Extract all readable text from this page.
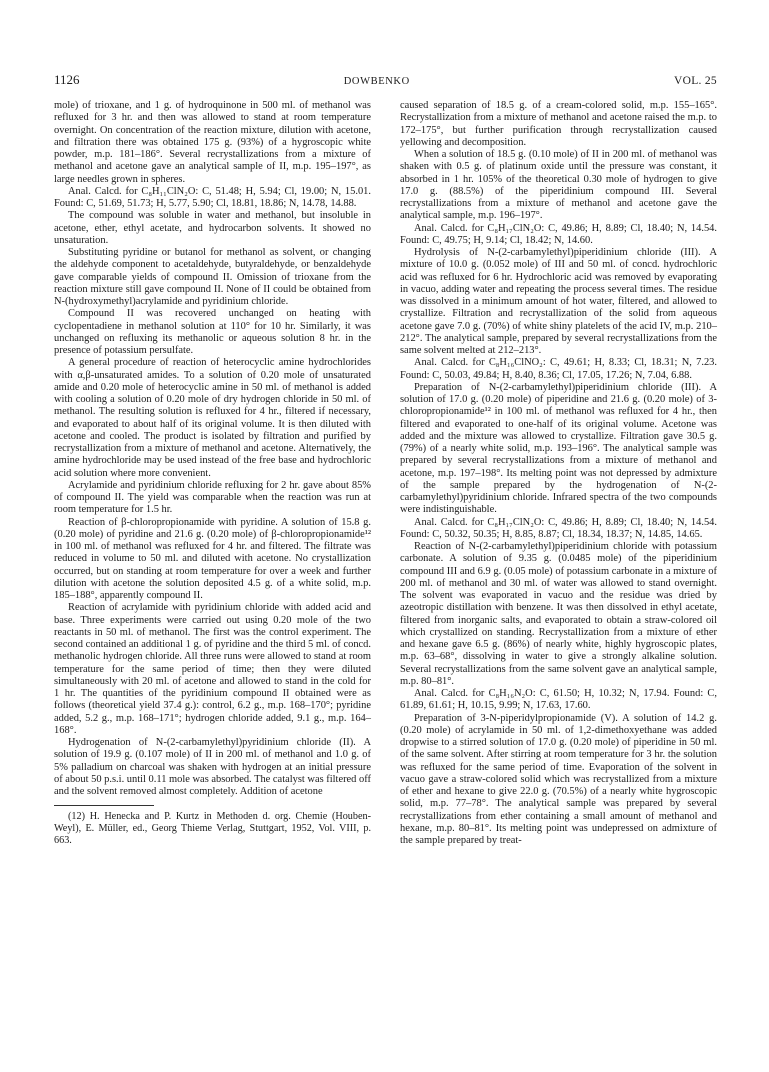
1126	DOWBENKO	VOL. 25

mole) of trioxane, and 1 g. of hydroquinone in 500 ml. of methanol was refluxed for 3 hr. and then was allowed to stand at room temperature overnight. On concentration of the reaction mixture, dilution with acetone, and filtration there was obtained 175 g. (93%) of a hygroscopic white powder, m.p. 181–186°. Several recrystallizations from a mixture of methanol and acetone gave an analytical sample of II, m.p. 195–197°, as large needles grown in spheres.

Anal. Calcd. for C₈H₁₁ClN₂O: C, 51.48; H, 5.94; Cl, 19.00; N, 15.01. Found: C, 51.69, 51.73; H, 5.77, 5.90; Cl, 18.81, 18.86; N, 14.78, 14.88.

The compound was soluble in water and methanol, but insoluble in acetone, ether, ethyl acetate, and hydrocarbon solvents. It showed no unsaturation.

Substituting pyridine or butanol for methanol as solvent, or changing the aldehyde component to acetaldehyde, butyraldehyde, or benzaldehyde gave comparable yields of compound II. Omission of trioxane from the reaction mixture still gave compound II. None of II could be obtained from N-(hydroxymethyl)acrylamide and pyridinium chloride.

Compound II was recovered unchanged on heating with cyclopentadiene in methanol solution at 110° for 10 hr. Similarly, it was unchanged on refluxing its methanolic or aqueous solution 8 hr. in the presence of potassium persulfate.

A general procedure of reaction of heterocyclic amine hydrochlorides with α,β-unsaturated amides. To a solution of 0.20 mole of unsaturated amide and 0.20 mole of heterocyclic amine in 50 ml. of methanol is added with cooling a solution of 0.20 mole of dry hydrogen chloride in 50 ml. of methanol. The resulting solution is refluxed for 4 hr., filtered if necessary, and evaporated to about half of its original volume. It is then diluted with acetone and cooled. The product is isolated by filtration and purified by recrystallization from a mixture of methanol and acetone. Alternatively, the amine hydrochloride may be used instead of the free base and hydrochloric acid solution where more convenient.

Acrylamide and pyridinium chloride refluxing for 2 hr. gave about 85% of compound II. The yield was comparable when the reaction was run at room temperature for 1.5 hr.

Reaction of β-chloropropionamide with pyridine. A solution of 15.8 g. (0.20 mole) of pyridine and 21.6 g. (0.20 mole) of β-chloropropionamide¹² in 100 ml. of methanol was refluxed for 4 hr. and filtered. The filtrate was reduced in volume to 50 ml. and diluted with acetone. No crystallization occurred, but on standing at room temperature for over a week and further dilution with acetone the solution deposited 4.5 g. of a white solid, m.p. 185–188°, apparently compound II.

Reaction of acrylamide with pyridinium chloride with added acid and base. Three experiments were carried out using 0.20 mole of the two reactants in 50 ml. of methanol. The first was the control experiment. The second contained an additional 1 g. of pyridine and the third 5 ml. of concd. methanolic hydrogen chloride. All three runs were allowed to stand at room temperature for the same period of time; then they were diluted simultaneously with 20 ml. of acetone and allowed to stand in the cold for 1 hr. The quantities of the pyridinium compound II obtained were as follows (theoretical yield 37.4 g.): control, 6.2 g., m.p. 168–170°; pyridine added, 5.2 g., m.p. 168–171°; hydrogen chloride added, 9.1 g., m.p. 164–168°.

Hydrogenation of N-(2-carbamylethyl)pyridinium chloride (II). A solution of 19.9 g. (0.107 mole) of II in 200 ml. of methanol and 1.0 g. of 5% palladium on charcoal was shaken with hydrogen at an initial pressure of about 50 p.s.i. until 0.11 mole was absorbed. The catalyst was filtered off and the solvent removed almost completely. Addition of acetone

(12) H. Henecka and P. Kurtz in Methoden d. org. Chemie (Houben-Weyl), E. Müller, ed., Georg Thieme Verlag, Stuttgart, 1952, Vol. VIII, p. 663.

caused separation of 18.5 g. of a cream-colored solid, m.p. 155–165°. Recrystallization from a mixture of methanol and acetone raised the m.p. to 172–175°, but further purification through recrystallization caused yellowing and decomposition.

When a solution of 18.5 g. (0.10 mole) of II in 200 ml. of methanol was shaken with 0.5 g. of platinum oxide until the pressure was constant, it absorbed in 1 hr. 105% of the theoretical 0.30 mole of hydrogen to give 17.0 g. (88.5%) of the piperidinium compound III. Several recrystallizations from a mixture of methanol and acetone gave the analytical sample, m.p. 196–197°.

Anal. Calcd. for C₈H₁₇ClN₂O: C, 49.86; H, 8.89; Cl, 18.40; N, 14.54. Found: C, 49.75; H, 9.14; Cl, 18.42; N, 14.60.

Hydrolysis of N-(2-carbamylethyl)piperidinium chloride (III). A mixture of 10.0 g. (0.052 mole) of III and 50 ml. of concd. hydrochloric acid was refluxed for 6 hr. Hydrochloric acid was removed by evaporating in vacuo, adding water and repeating the process several times. The residue was dissolved in a minimum amount of hot water, filtered, and allowed to crystallize. Filtration and recrystallization of the solid from aqueous acetone gave 7.0 g. (70%) of white shiny platelets of the acid IV, m.p. 210–212°. The analytical sample, prepared by several recrystallizations from the same solvent melted at 212–213°.

Anal. Calcd. for C₈H₁₆ClNO₂: C, 49.61; H, 8.33; Cl, 18.31; N, 7.23. Found: C, 50.03, 49.84; H, 8.40, 8.36; Cl, 17.05, 17.26; N, 7.04, 6.88.

Preparation of N-(2-carbamylethyl)piperidinium chloride (III). A solution of 17.0 g. (0.20 mole) of piperidine and 21.6 g. (0.20 mole) of 3-chloropropionamide¹² in 100 ml. of methanol was refluxed for 4 hr., then filtered and evaporated to one-half of its original volume. Acetone was added and the mixture was allowed to crystallize. Filtration gave 30.5 g. (79%) of a nearly white solid, m.p. 193–196°. The analytical sample was prepared by several recrystallizations from a mixture of methanol and acetone, m.p. 197–198°. Its melting point was not depressed by admixture of the sample prepared by the hydrogenation of N-(2-carbamylethyl)pyridinium chloride. Infrared spectra of the two compounds were indistinguishable.

Anal. Calcd. for C₈H₁₇ClN₂O: C, 49.86; H, 8.89; Cl, 18.40; N, 14.54. Found: C, 50.32, 50.35; H, 8.85, 8.87; Cl, 18.34, 18.37; N, 14.85, 14.65.

Reaction of N-(2-carbamylethyl)piperidinium chloride with potassium carbonate. A solution of 9.35 g. (0.0485 mole) of the piperidinium compound III and 6.9 g. (0.05 mole) of potassium carbonate in a mixture of 200 ml. of methanol and 30 ml. of water was allowed to stand overnight. The solvent was evaporated in vacuo and the residue was dried by azeotropic distillation with benzene. It was then dissolved in ethyl acetate, filtered from inorganic salts, and evaporated to obtain a straw-colored oil which crystallized on standing. Recrystallization from a mixture of ether and hexane gave 6.5 g. (86%) of nearly white, highly hygroscopic plates, m.p. 63–68°, dissolving in water to give a strongly alkaline solution. Several recrystallizations from the same solvent gave an analytical sample, m.p. 80–81°.

Anal. Calcd. for C₈H₁₆N₂O: C, 61.50; H, 10.32; N, 17.94. Found: C, 61.89, 61.61; H, 10.15, 9.99; N, 17.63, 17.60.

Preparation of 3-N-piperidylpropionamide (V). A solution of 14.2 g. (0.20 mole) of acrylamide in 50 ml. of 1,2-dimethoxyethane was added dropwise to a stirred solution of 17.0 g. (0.20 mole) of piperidine in 50 ml. of the same solvent. After stirring at room temperature for 3 hr. the solution was refluxed for the same period of time. Evaporation of the solvent in vacuo gave a straw-colored solid which was recrystallized from a mixture of ether and hexane to give 22.0 g. (70.5%) of a nearly white hygroscopic solid, m.p. 77–78°. The analytical sample was prepared by several recrystallizations from ether containing a small amount of methanol and hexane, m.p. 80–81°. Its melting point was undepressed on admixture of the sample prepared by treat-
